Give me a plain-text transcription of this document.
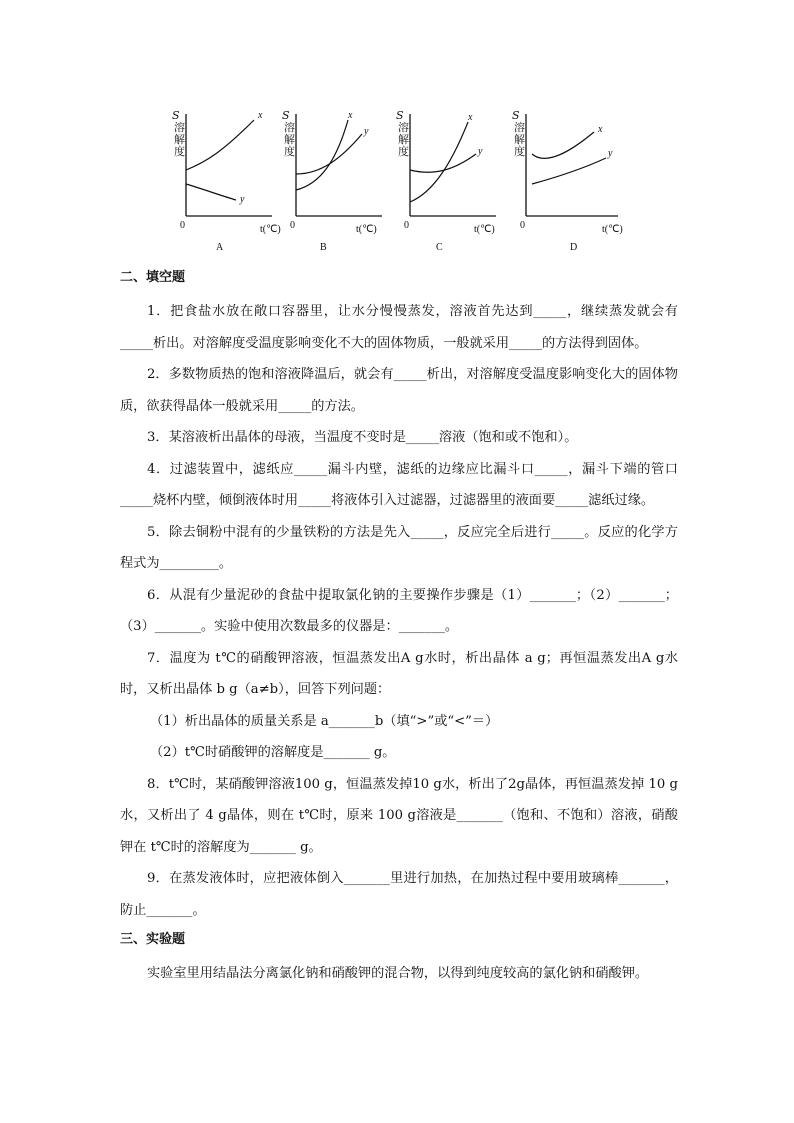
S
溶解度
x
y
0	t(℃)
A
S
溶解度
x
y
0	t(℃)
B
S
溶解度
x
y
0	t(℃)
C
S
溶解度
x
y
0	t(℃)
D
二、填空题
1．把食盐水放在敞口容器里，让水分慢慢蒸发，溶液首先达到_____，继续蒸发就会有_____析出。对溶解度受温度影响变化不大的固体物质，一般就采用_____的方法得到固体。
2．多数物质热的饱和溶液降温后，就会有_____析出，对溶解度受温度影响变化大的固体物质，欲获得晶体一般就采用_____的方法。
3．某溶液析出晶体的母液，当温度不变时是_____溶液（饱和或不饱和）。
4．过滤装置中，滤纸应_____漏斗内壁，滤纸的边缘应比漏斗口_____，漏斗下端的管口_____烧杯内壁，倾倒液体时用_____将液体引入过滤器，过滤器里的液面要_____滤纸过缘。
5．除去铜粉中混有的少量铁粉的方法是先入_____，反应完全后进行_____。反应的化学方程式为_________。
6．从混有少量泥砂的食盐中提取氯化钠的主要操作步骤是（1）_______；（2）_______；（3）_______。实验中使用次数最多的仪器是：_______。
7．温度为 t℃的硝酸钾溶液，恒温蒸发出A g水时，析出晶体 a g；再恒温蒸发出A g水时，又析出晶体 b g（a≠b），回答下列问题：
（1）析出晶体的质量关系是 a_______b（填“>”或“<”＝）
（2）t℃时硝酸钾的溶解度是_______ g。
8．t℃时，某硝酸钾溶液100 g，恒温蒸发掉10 g水，析出了2g晶体，再恒温蒸发掉 10 g水，又析出了 4 g晶体，则在 t℃时，原来 100 g溶液是_______（饱和、不饱和）溶液，硝酸钾在 t℃时的溶解度为_______ g。
9．在蒸发液体时，应把液体倒入_______里进行加热，在加热过程中要用玻璃棒_______，防止_______。
三、实验题
实验室里用结晶法分离氯化钠和硝酸钾的混合物，以得到纯度较高的氯化钠和硝酸钾。
